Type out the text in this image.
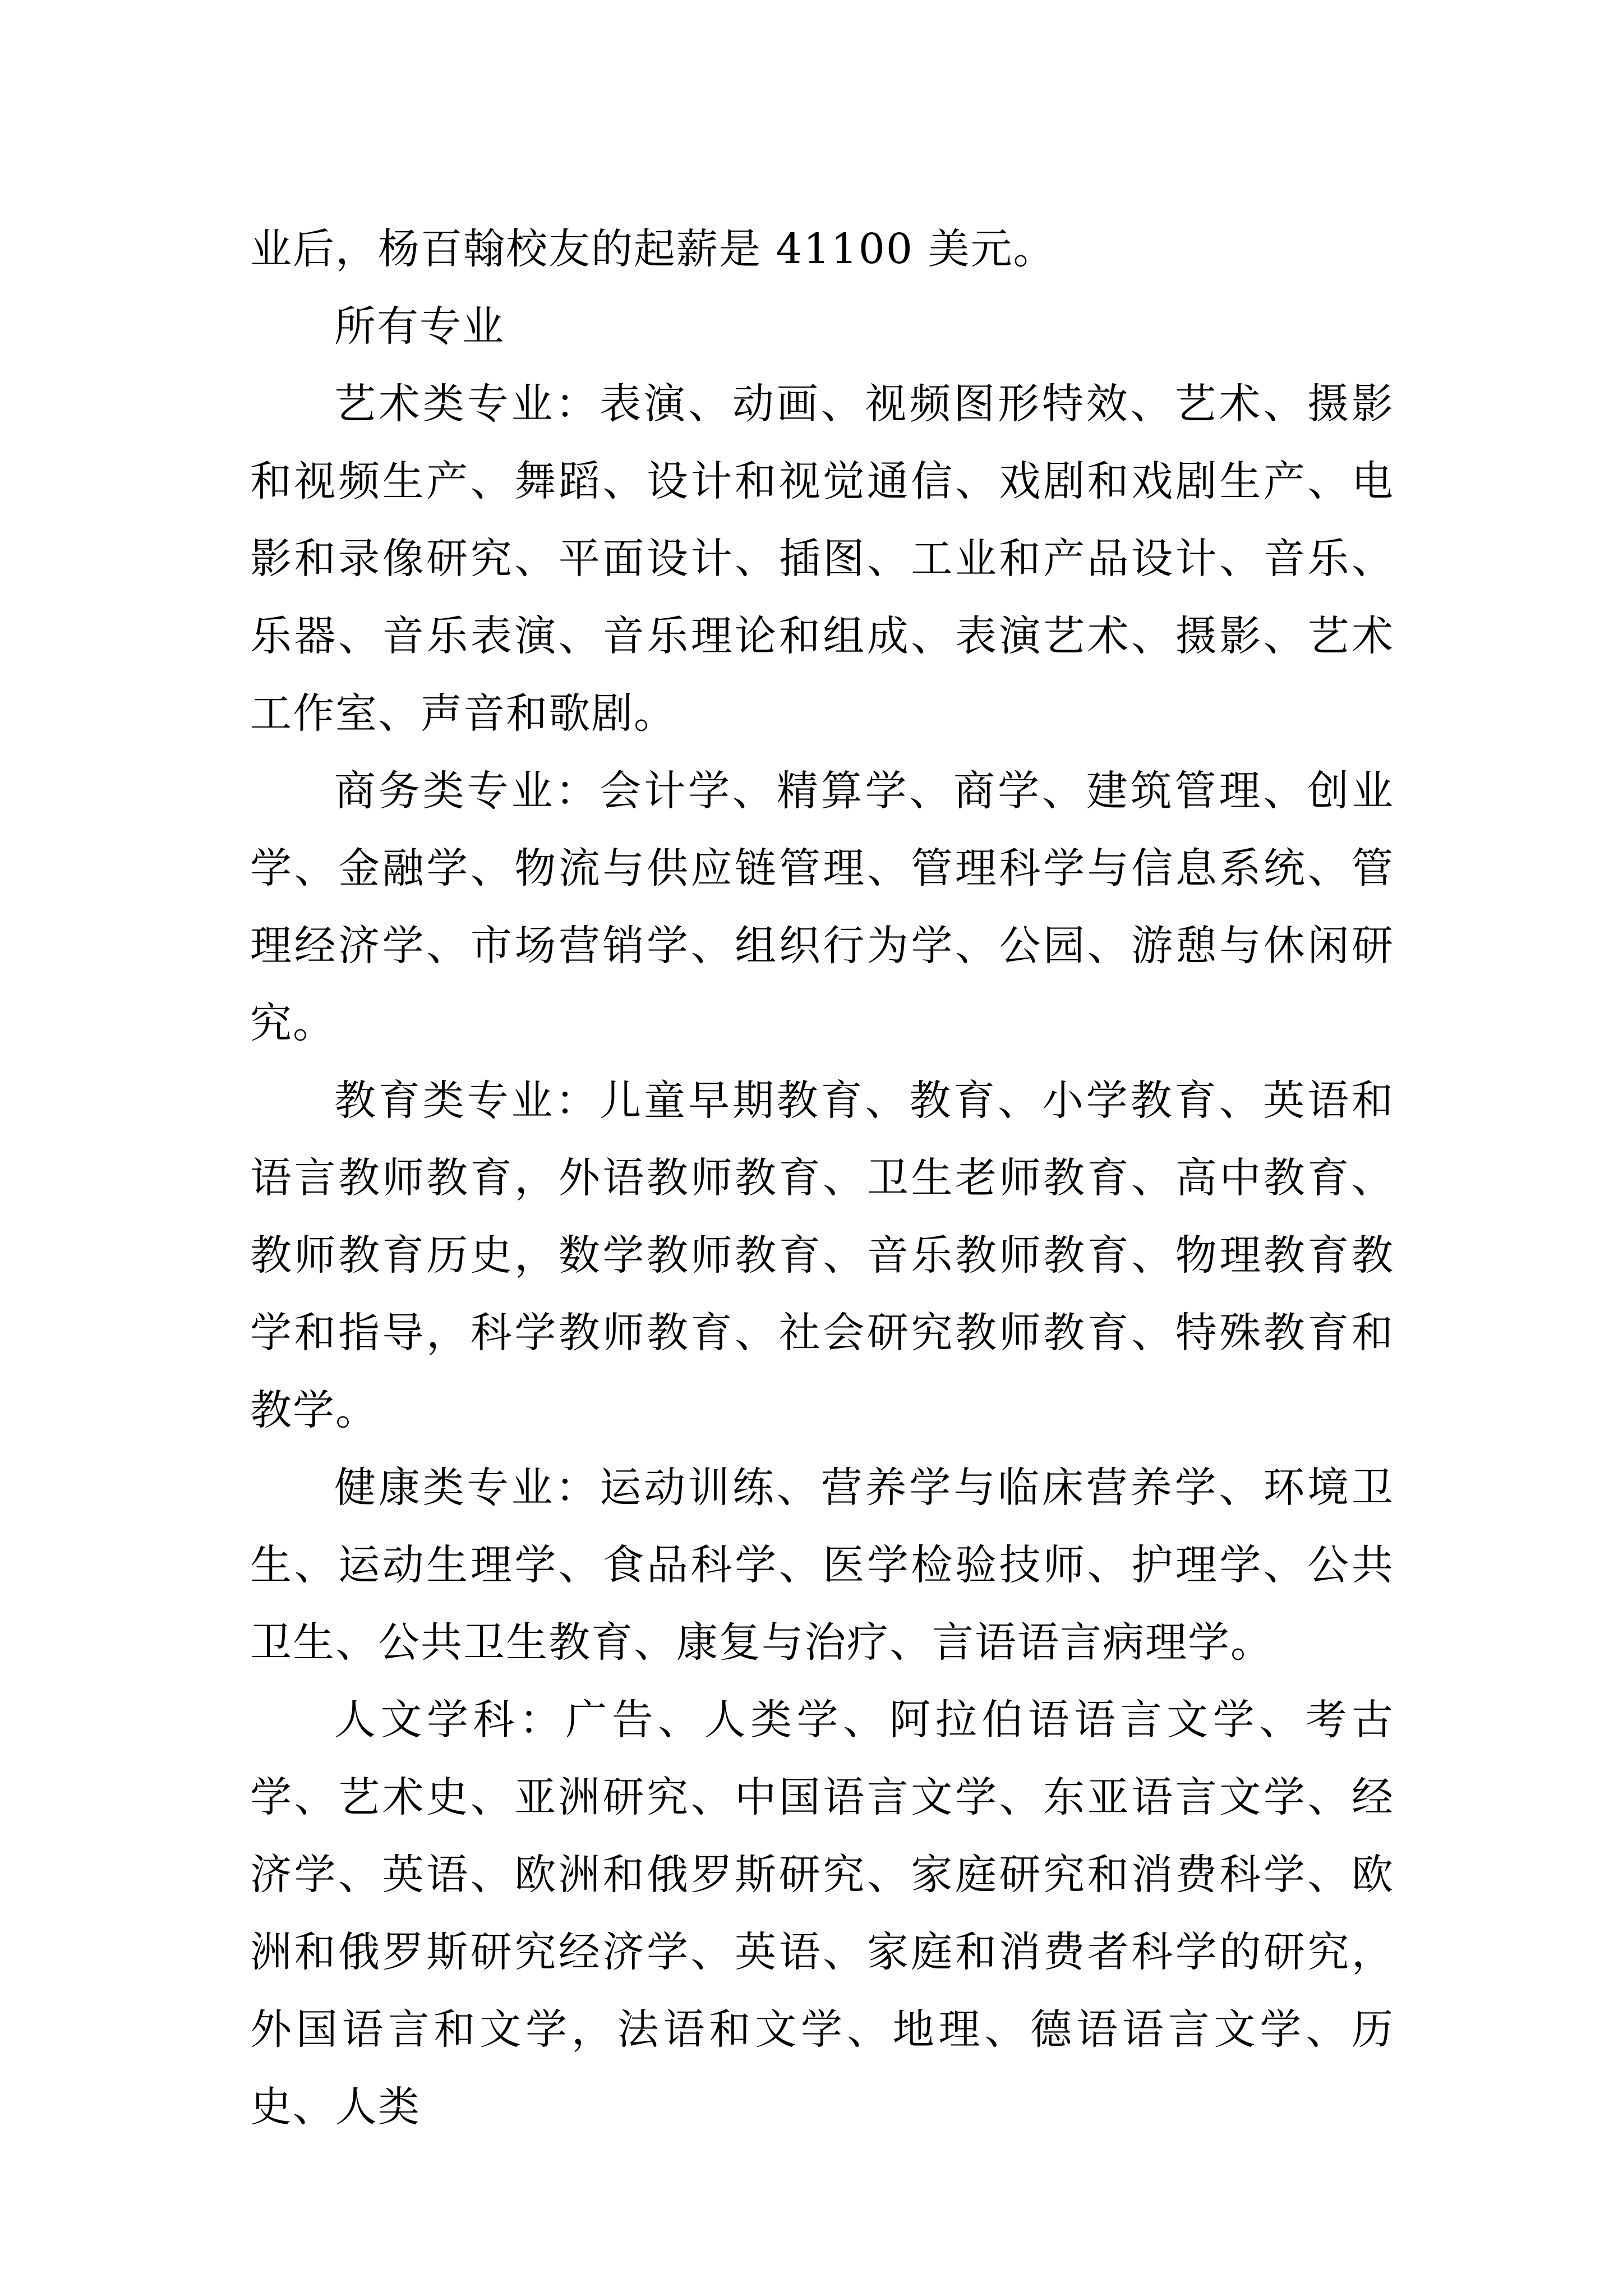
业后，杨百翰校友的起薪是 41100 美元。

所有专业

艺术类专业：表演、动画、视频图形特效、艺术、摄影和视频生产、舞蹈、设计和视觉通信、戏剧和戏剧生产、电影和录像研究、平面设计、插图、工业和产品设计、音乐、乐器、音乐表演、音乐理论和组成、表演艺术、摄影、艺术工作室、声音和歌剧。

商务类专业：会计学、精算学、商学、建筑管理、创业学、金融学、物流与供应链管理、管理科学与信息系统、管理经济学、市场营销学、组织行为学、公园、游憩与休闲研究。

教育类专业：儿童早期教育、教育、小学教育、英语和语言教师教育，外语教师教育、卫生老师教育、高中教育、教师教育历史，数学教师教育、音乐教师教育、物理教育教学和指导，科学教师教育、社会研究教师教育、特殊教育和教学。

健康类专业：运动训练、营养学与临床营养学、环境卫生、运动生理学、食品科学、医学检验技师、护理学、公共卫生、公共卫生教育、康复与治疗、言语语言病理学。

人文学科：广告、人类学、阿拉伯语语言文学、考古学、艺术史、亚洲研究、中国语言文学、东亚语言文学、经济学、英语、欧洲和俄罗斯研究、家庭研究和消费科学、欧洲和俄罗斯研究经济学、英语、家庭和消费者科学的研究，外国语言和文学，法语和文学、地理、德语语言文学、历史、人类
